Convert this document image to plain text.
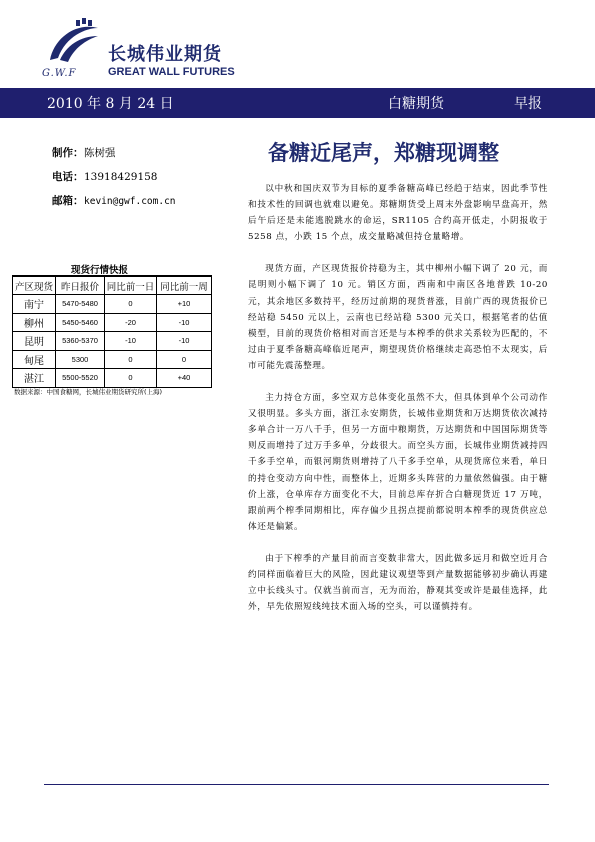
G.W.F
长城伟业期货
GREAT WALL FUTURES
2010 年 8 月 24 日	白糖期货	早报
制作：陈树强
电话：13918429158
邮箱：kevin@gwf.com.cn
备糖近尾声，郑糖现调整
现货行情快报
产区现货	昨日报价	同比前一日	同比前一周
南宁	5470-5480	0	+10
柳州	5450-5460	-20	-10
昆明	5360-5370	-10	-10
甸尾	5300	0	0
湛江	5500-5520	0	+40
数据来源：中国食糖网，长城伟业期货研究所(上海)

以中秋和国庆双节为目标的夏季备糖高峰已经趋于结束，因此季节性和技术性的回调也就难以避免。郑糖期货受上周末外盘影响早盘高开，然后午后还是未能逃脱跳水的命运，SR1105 合约高开低走，小阴报收于 5258 点，小跌 15 个点，成交量略减但持仓量略增。

现货方面，产区现货报价持稳为主，其中柳州小幅下调了 20 元，而昆明则小幅下调了 10 元。销区方面，西南和中南区各地普跌 10-20 元，其余地区多数持平，经历过前期的现货普涨，目前广西的现货报价已经站稳 5450 元以上，云南也已经站稳 5300 元关口，根据笔者的估值模型，目前的现货价格相对而言还是与本榨季的供求关系较为匹配的，不过由于夏季备糖高峰临近尾声，期望现货价格继续走高恐怕不太现实，后市可能先震荡整理。

主力持仓方面，多空双方总体变化虽然不大，但具体到单个公司动作又很明显。多头方面，浙江永安期货，长城伟业期货和万达期货依次减持多单合计一万八千手，但另一方面中粮期货，万达期货和中国国际期货等则反而增持了过万手多单，分歧很大。而空头方面，长城伟业期货减持四千多手空单，而银河期货则增持了八千多手空单，从现货席位来看，单日的持仓变动方向中性，而整体上，近期多头阵营的力量依然偏强。由于糖价上涨，仓单库存方面变化不大，目前总库存折合白糖现货近 17 万吨，跟前两个榨季同期相比，库存偏少且拐点提前都说明本榨季的现货供应总体还是偏紧。

由于下榨季的产量目前而言变数非常大，因此做多远月和做空近月合约同样面临着巨大的风险，因此建议观望等到产量数据能够初步确认再建立中长线头寸。仅就当前而言，无为而治，静观其变或许是最佳选择，此外，早先依照短线纯技术面入场的空头，可以谨慎持有。
